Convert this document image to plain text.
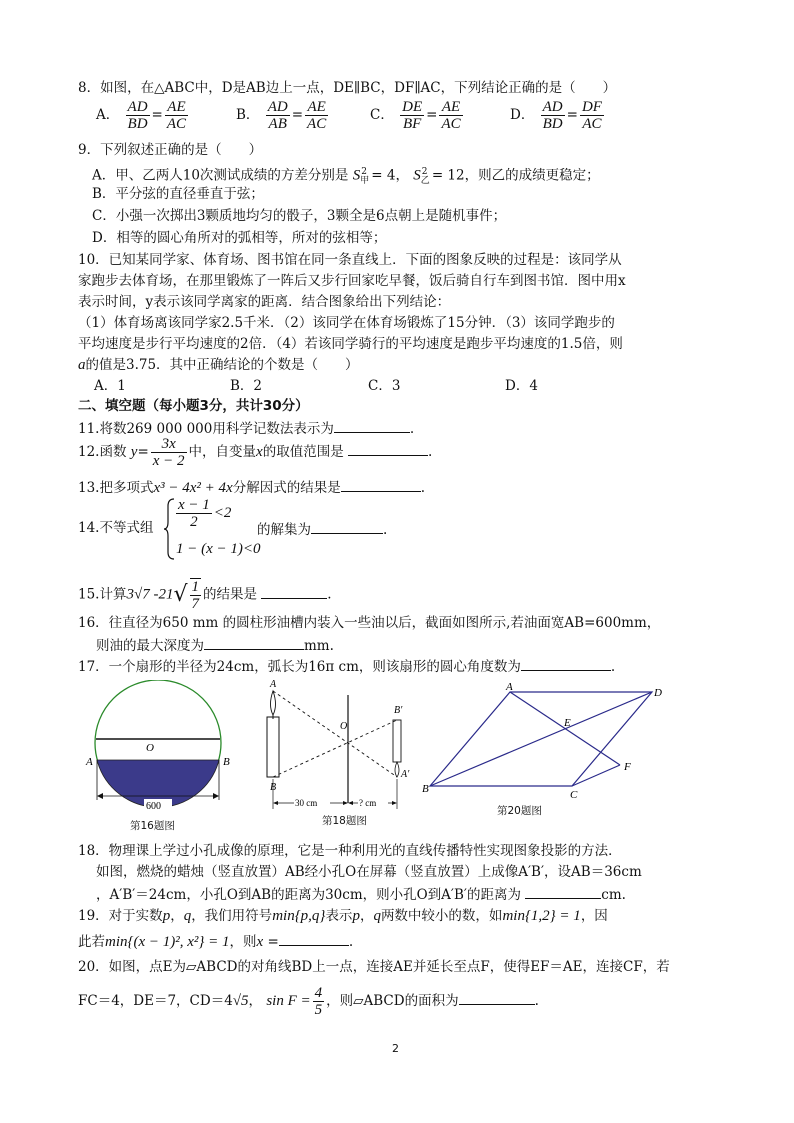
8．如图，在△ABC中，D是AB边上一点，DE∥BC，DF∥AC，下列结论正确的是（　　）
A． $\frac{AD}{BD} = \frac{AE}{AC}$	B． $\frac{AD}{AB} = \frac{AE}{AC}$	C． $\frac{DE}{BF} = \frac{AE}{AC}$	D． $\frac{AD}{BD} = \frac{DF}{AC}$
9．下列叙述正确的是（　　）
A．甲、乙两人10次测试成绩的方差分别是 $S_甲^2 = 4$， $S_乙^2 = 12$，则乙的成绩更稳定；
B．平分弦的直径垂直于弦；
C．小强一次掷出3颗质地均匀的骰子，3颗全是6点朝上是随机事件；
D．相等的圆心角所对的弧相等，所对的弦相等；
10．已知某同学家、体育场、图书馆在同一条直线上．下面的图象反映的过程是：该同学从
家跑步去体育场，在那里锻炼了一阵后又步行回家吃早餐，饭后骑自行车到图书馆．图中用x
表示时间，y表示该同学离家的距离．结合图象给出下列结论：
（1）体育场离该同学家2.5千米．（2）该同学在体育场锻炼了15分钟．（3）该同学跑步的
平均速度是步行平均速度的2倍．（4）若该同学骑行的平均速度是跑步平均速度的1.5倍，则
a的值是3.75．其中正确结论的个数是（　　）
A．1	B．2	C．3	D．4
二、填空题（每小题3分，共计30分）
11.将数269 000 000用科学记数法表示为	.
12.函数 $y= \frac{3x}{x - 2}$ 中，自变量x的取值范围是	.
13.把多项式x³ − 4x² + 4x分解因式的结果是	.
14.不等式组 $\frac{x - 1}{2} <2$
1 − (x − 1)<0
的解集为	.
15.计算3√7 $-21√ \frac{1}{7}$ 的结果是	.
16．往直径为650 mm 的圆柱形油槽内装入一些油以后，截面如图所示,若油面宽AB=600mm，
则油的最大深度为	mm.
17．一个扇形的半径为24cm，弧长为16π cm，则该扇形的圆心角度数为	.
O
A	B
600
第16题图
A
B
O
B′
A′
30 cm	? cm
第18题图
A	D
B	C
E
F
第20题图
18．物理课上学过小孔成像的原理，它是一种利用光的直线传播特性实现图象投影的方法．
如图，燃烧的蜡烛（竖直放置）AB经小孔O在屏幕（竖直放置）上成像A′B′，设AB＝36cm
，A′B′＝24cm，小孔O到AB的距离为30cm，则小孔O到A′B′的距离为	cm.
19．对于实数p，q，我们用符号min{p,q}表示p，q两数中较小的数，如min{1,2} = 1，因
此若min{(x − 1)², x²} = 1，则x =	.
20．如图，点E为▱ABCD的对角线BD上一点，连接AE并延长至点F，使得EF＝AE，连接CF，若
FC＝4，DE＝7，CD＝4√5， $\sin F = \frac{4}{5}$ ，则▱ABCD的面积为	.
2
